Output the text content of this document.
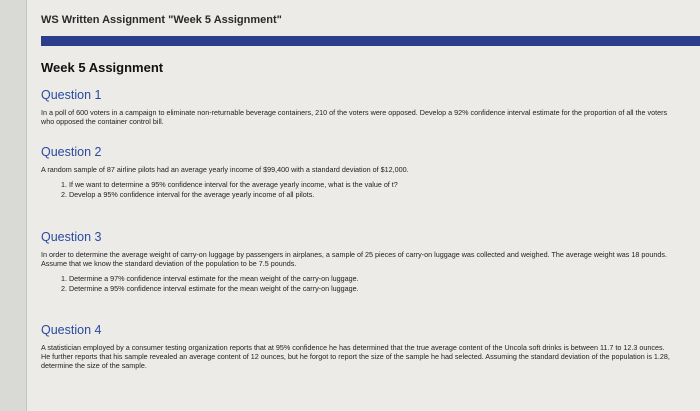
WS Written Assignment "Week 5 Assignment"
Week 5 Assignment
Question 1

In a poll of 600 voters in a campaign to eliminate non-returnable beverage containers, 210 of the voters were opposed. Develop a 92% confidence interval estimate for the proportion of all the voters who opposed the container control bill.

Question 2

A random sample of 87 airline pilots had an average yearly income of $99,400 with a standard deviation of $12,000.

1. If we want to determine a 95% confidence interval for the average yearly income, what is the value of t?
2. Develop a 95% confidence interval for the average yearly income of all pilots.
Question 3

In order to determine the average weight of carry-on luggage by passengers in airplanes, a sample of 25 pieces of carry-on luggage was collected and weighed. The average weight was 18 pounds. Assume that we know the standard deviation of the population to be 7.5 pounds.

1. Determine a 97% confidence interval estimate for the mean weight of the carry-on luggage.
2. Determine a 95% confidence interval estimate for the mean weight of the carry-on luggage.
Question 4

A statistician employed by a consumer testing organization reports that at 95% confidence he has determined that the true average content of the Uncola soft drinks is between 11.7 to 12.3 ounces. He further reports that his sample revealed an average content of 12 ounces, but he forgot to report the size of the sample he had selected. Assuming the standard deviation of the population is 1.28, determine the size of the sample.
